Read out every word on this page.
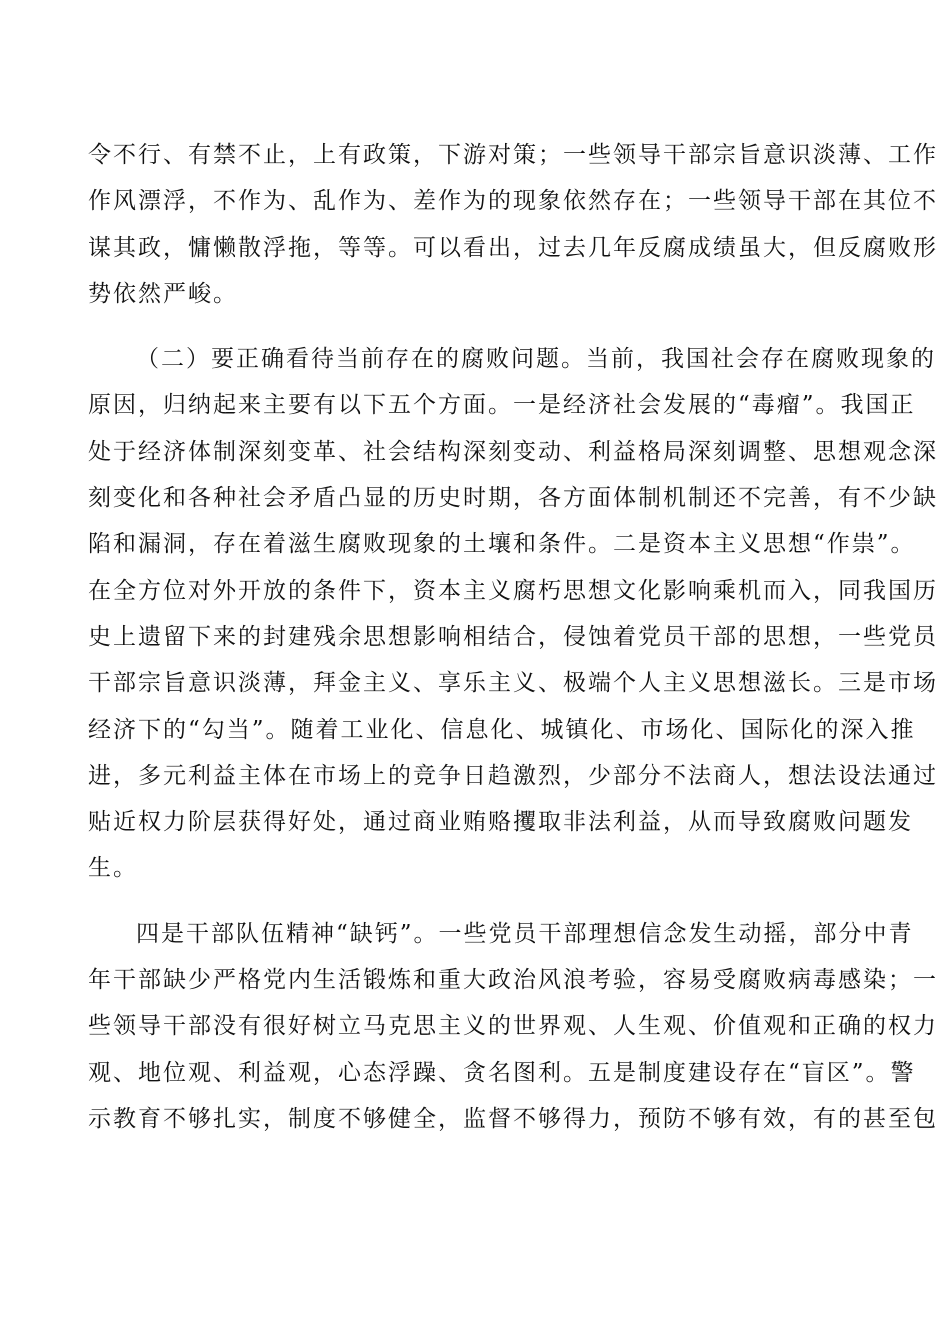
令不行、有禁不止，上有政策，下游对策；一些领导干部宗旨意识淡薄、工作
作风漂浮，不作为、乱作为、差作为的现象依然存在；一些领导干部在其位不
谋其政，慵懒散浮拖，等等。可以看出，过去几年反腐成绩虽大，但反腐败形
势依然严峻。

（二）要正确看待当前存在的腐败问题。当前，我国社会存在腐败现象的
原因，归纳起来主要有以下五个方面。一是经济社会发展的“毒瘤”。我国正
处于经济体制深刻变革、社会结构深刻变动、利益格局深刻调整、思想观念深
刻变化和各种社会矛盾凸显的历史时期，各方面体制机制还不完善，有不少缺
陷和漏洞，存在着滋生腐败现象的土壤和条件。二是资本主义思想“作祟”。
在全方位对外开放的条件下，资本主义腐朽思想文化影响乘机而入，同我国历
史上遗留下来的封建残余思想影响相结合，侵蚀着党员干部的思想，一些党员
干部宗旨意识淡薄，拜金主义、享乐主义、极端个人主义思想滋长。三是市场
经济下的“勾当”。随着工业化、信息化、城镇化、市场化、国际化的深入推
进，多元利益主体在市场上的竞争日趋激烈，少部分不法商人，想法设法通过
贴近权力阶层获得好处，通过商业贿赂攫取非法利益，从而导致腐败问题发
生。

四是干部队伍精神“缺钙”。一些党员干部理想信念发生动摇，部分中青
年干部缺少严格党内生活锻炼和重大政治风浪考验，容易受腐败病毒感染；一
些领导干部没有很好树立马克思主义的世界观、人生观、价值观和正确的权力
观、地位观、利益观，心态浮躁、贪名图利。五是制度建设存在“盲区”。警
示教育不够扎实，制度不够健全，监督不够得力，预防不够有效，有的甚至包
